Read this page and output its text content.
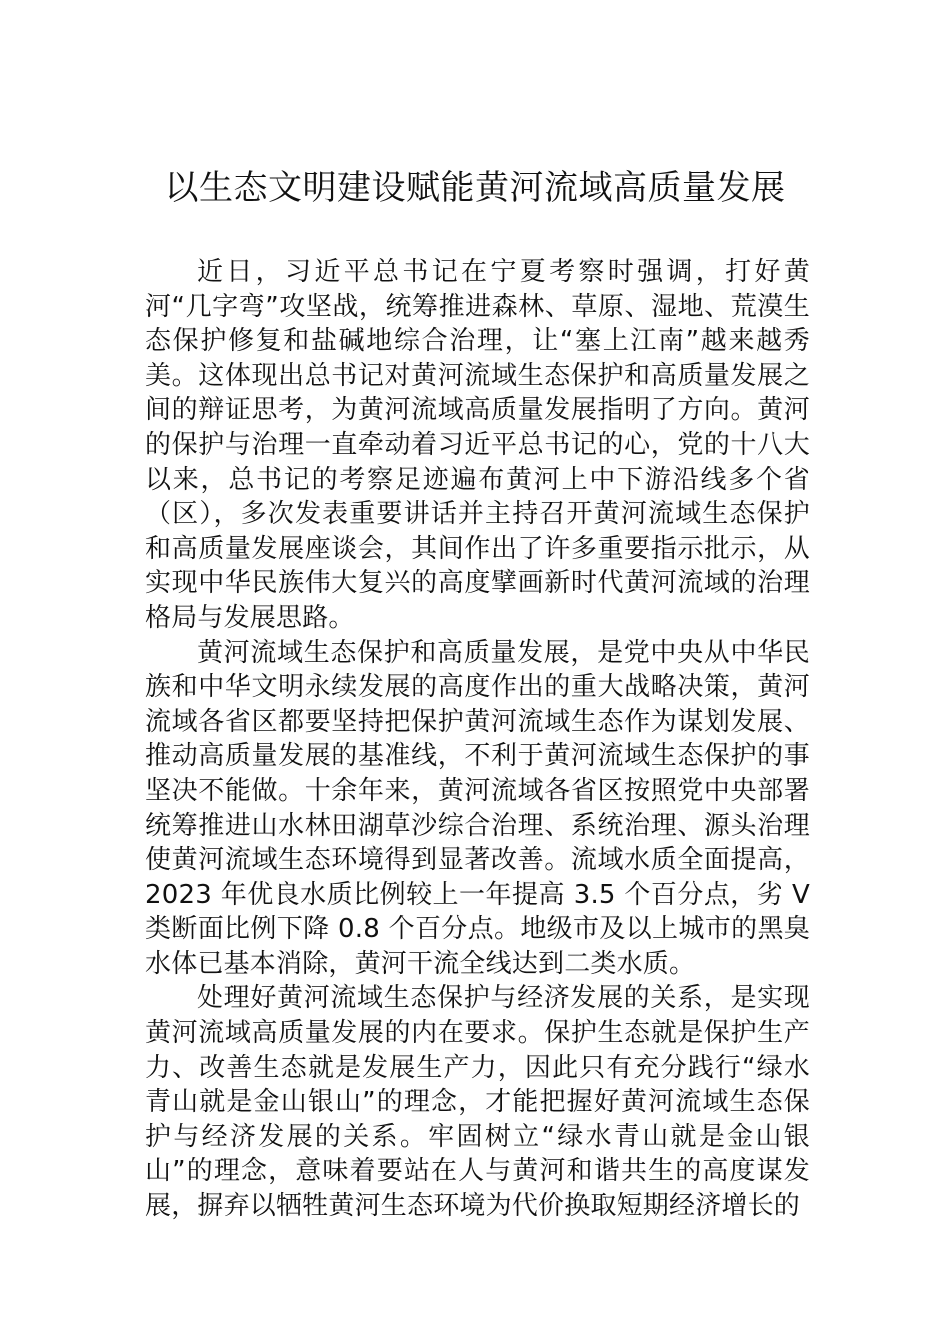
以生态文明建设赋能黄河流域高质量发展

近日，习近平总书记在宁夏考察时强调，打好黄河“几字弯”攻坚战，统筹推进森林、草原、湿地、荒漠生态保护修复和盐碱地综合治理，让“塞上江南”越来越秀美。这体现出总书记对黄河流域生态保护和高质量发展之间的辩证思考，为黄河流域高质量发展指明了方向。黄河的保护与治理一直牵动着习近平总书记的心，党的十八大以来，总书记的考察足迹遍布黄河上中下游沿线多个省（区），多次发表重要讲话并主持召开黄河流域生态保护和高质量发展座谈会，其间作出了许多重要指示批示，从实现中华民族伟大复兴的高度擘画新时代黄河流域的治理格局与发展思路。

黄河流域生态保护和高质量发展，是党中央从中华民族和中华文明永续发展的高度作出的重大战略决策，黄河流域各省区都要坚持把保护黄河流域生态作为谋划发展、推动高质量发展的基准线，不利于黄河流域生态保护的事坚决不能做。十余年来，黄河流域各省区按照党中央部署统筹推进山水林田湖草沙综合治理、系统治理、源头治理使黄河流域生态环境得到显著改善。流域水质全面提高，2023 年优良水质比例较上一年提高 3.5 个百分点，劣 V 类断面比例下降 0.8 个百分点。地级市及以上城市的黑臭水体已基本消除，黄河干流全线达到二类水质。

处理好黄河流域生态保护与经济发展的关系，是实现黄河流域高质量发展的内在要求。保护生态就是保护生产力、改善生态就是发展生产力，因此只有充分践行“绿水青山就是金山银山”的理念，才能把握好黄河流域生态保护与经济发展的关系。牢固树立“绿水青山就是金山银山”的理念，意味着要站在人与黄河和谐共生的高度谋发展，摒弃以牺牲黄河生态环境为代价换取短期经济增长的
